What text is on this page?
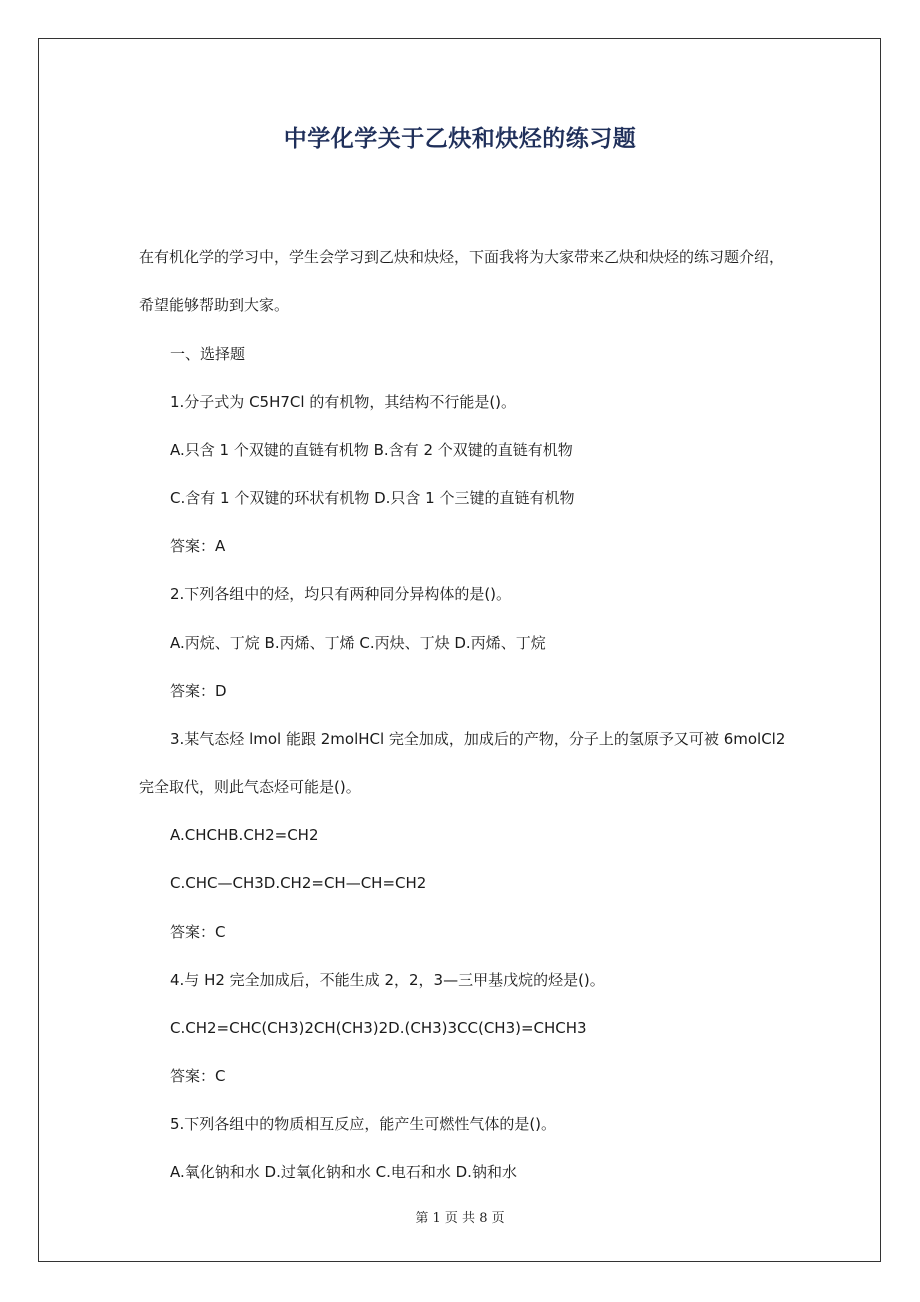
中学化学关于乙炔和炔烃的练习题
在有机化学的学习中，学生会学习到乙炔和炔烃，下面我将为大家带来乙炔和炔烃的练习题介绍，
希望能够帮助到大家。
一、选择题
1.分子式为 C5H7Cl 的有机物，其结构不行能是()。
A.只含 1 个双键的直链有机物 B.含有 2 个双键的直链有机物
C.含有 1 个双键的环状有机物 D.只含 1 个三键的直链有机物
答案：A
2.下列各组中的烃，均只有两种同分异构体的是()。
A.丙烷、丁烷 B.丙烯、丁烯 C.丙炔、丁炔 D.丙烯、丁烷
答案：D
3.某气态烃 lmol 能跟 2molHCl 完全加成，加成后的产物，分子上的氢原予又可被 6molCl2
完全取代，则此气态烃可能是()。
A.CHCHB.CH2=CH2
C.CHC—CH3D.CH2=CH—CH=CH2
答案：C
4.与 H2 完全加成后，不能生成 2，2，3—三甲基戊烷的烃是()。
C.CH2=CHC(CH3)2CH(CH3)2D.(CH3)3CC(CH3)=CHCH3
答案：C
5.下列各组中的物质相互反应，能产生可燃性气体的是()。
A.氧化钠和水 D.过氧化钠和水 C.电石和水 D.钠和水
第 1 页 共 8 页
